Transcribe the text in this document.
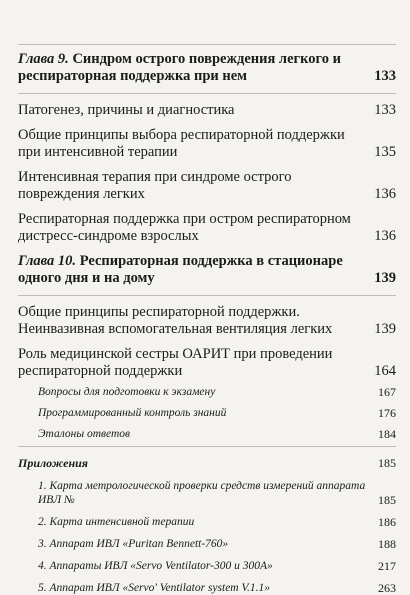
Глава 9. Синдром острого повреждения легкого и респираторная поддержка при нем	133
Патогенез, причины и диагностика	133
Общие принципы выбора респираторной поддержки при интенсивной терапии	135
Интенсивная терапия при синдроме острого повреждения легких	136
Респираторная поддержка при остром респираторном дистресс-синдроме взрослых	136
Глава 10. Респираторная поддержка в стационаре одного дня и на дому	139
Общие принципы респираторной поддержки. Неинвазивная вспомогательная вентиляция легких	139
Роль медицинской сестры ОАРИТ при проведении респираторной поддержки	164
Вопросы для подготовки к экзамену	167
Программированный контроль знаний	176
Эталоны ответов	184
Приложения	185
1. Карта метрологической проверки средств измерений аппарата ИВЛ №	185
2. Карта интенсивной терапии	186
3. Аппарат ИВЛ «Puritan Bennett-760»	188
4. Аппараты ИВЛ «Servo Ventilator-300 и 300А»	217
5. Аппарат ИВЛ «Servo' Ventilator system V.1.1»	263
